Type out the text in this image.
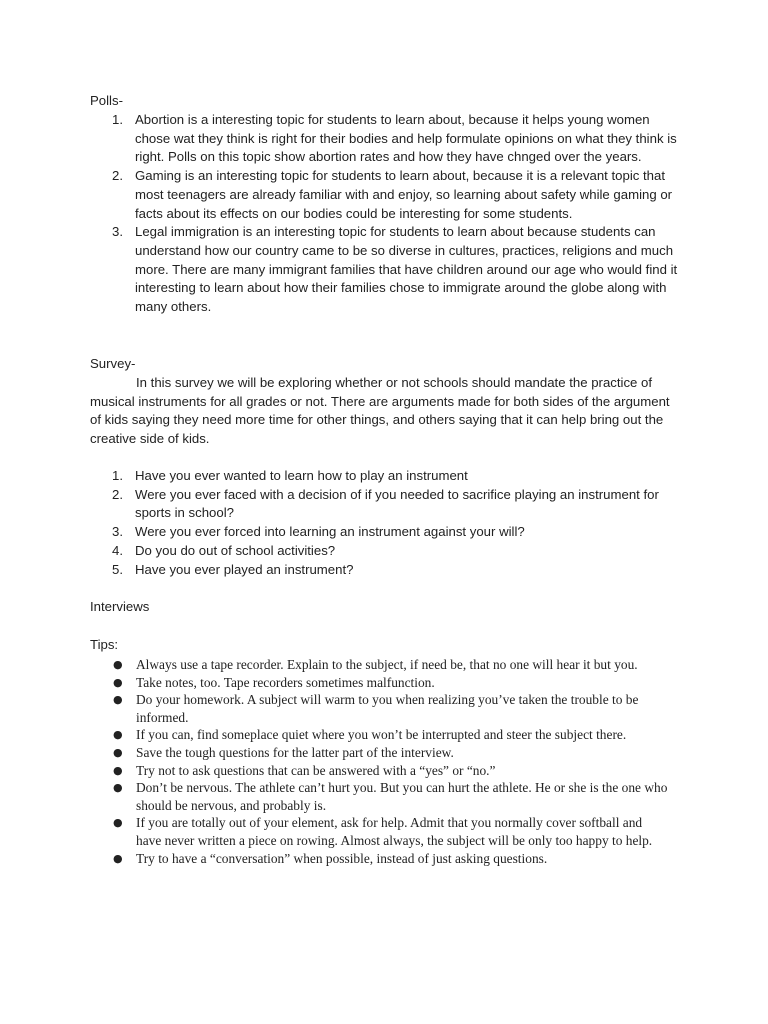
Polls-
1. Abortion is a interesting topic for students to learn about, because it helps young women chose wat they think is right for their bodies and help formulate opinions on what they think is right. Polls on this topic show abortion rates and how they have chnged over the years.
2. Gaming is an interesting topic for students to learn about, because it is a relevant topic that most teenagers are already familiar with and enjoy, so learning about safety while gaming or facts about its effects on our bodies could be interesting for some students.
3. Legal immigration is an interesting topic for students to learn about because students can understand how our country came to be so diverse in cultures, practices, religions and much more. There are many immigrant families that have children around our age who would find it interesting to learn about how their families chose to immigrate around the globe along with many others.
Survey-

In this survey we will be exploring whether or not schools should mandate the practice of musical instruments for all grades or not. There are arguments made for both sides of the argument of kids saying they need more time for other things, and others saying that it can help bring out the creative side of kids.

1. Have you ever wanted to learn how to play an instrument
2. Were you ever faced with a decision of if you needed to sacrifice playing an instrument for sports in school?
3. Were you ever forced into learning an instrument against your will?
4. Do you do out of school activities?
5. Have you ever played an instrument?
Interviews
Tips:
● Always use a tape recorder. Explain to the subject, if need be, that no one will hear it but you.
● Take notes, too. Tape recorders sometimes malfunction.
● Do your homework. A subject will warm to you when realizing you’ve taken the trouble to be informed.
● If you can, find someplace quiet where you won’t be interrupted and steer the subject there.
● Save the tough questions for the latter part of the interview.
● Try not to ask questions that can be answered with a “yes” or “no.”
● Don’t be nervous. The athlete can’t hurt you. But you can hurt the athlete. He or she is the one who should be nervous, and probably is.
● If you are totally out of your element, ask for help. Admit that you normally cover softball and have never written a piece on rowing. Almost always, the subject will be only too happy to help.
● Try to have a “conversation” when possible, instead of just asking questions.
